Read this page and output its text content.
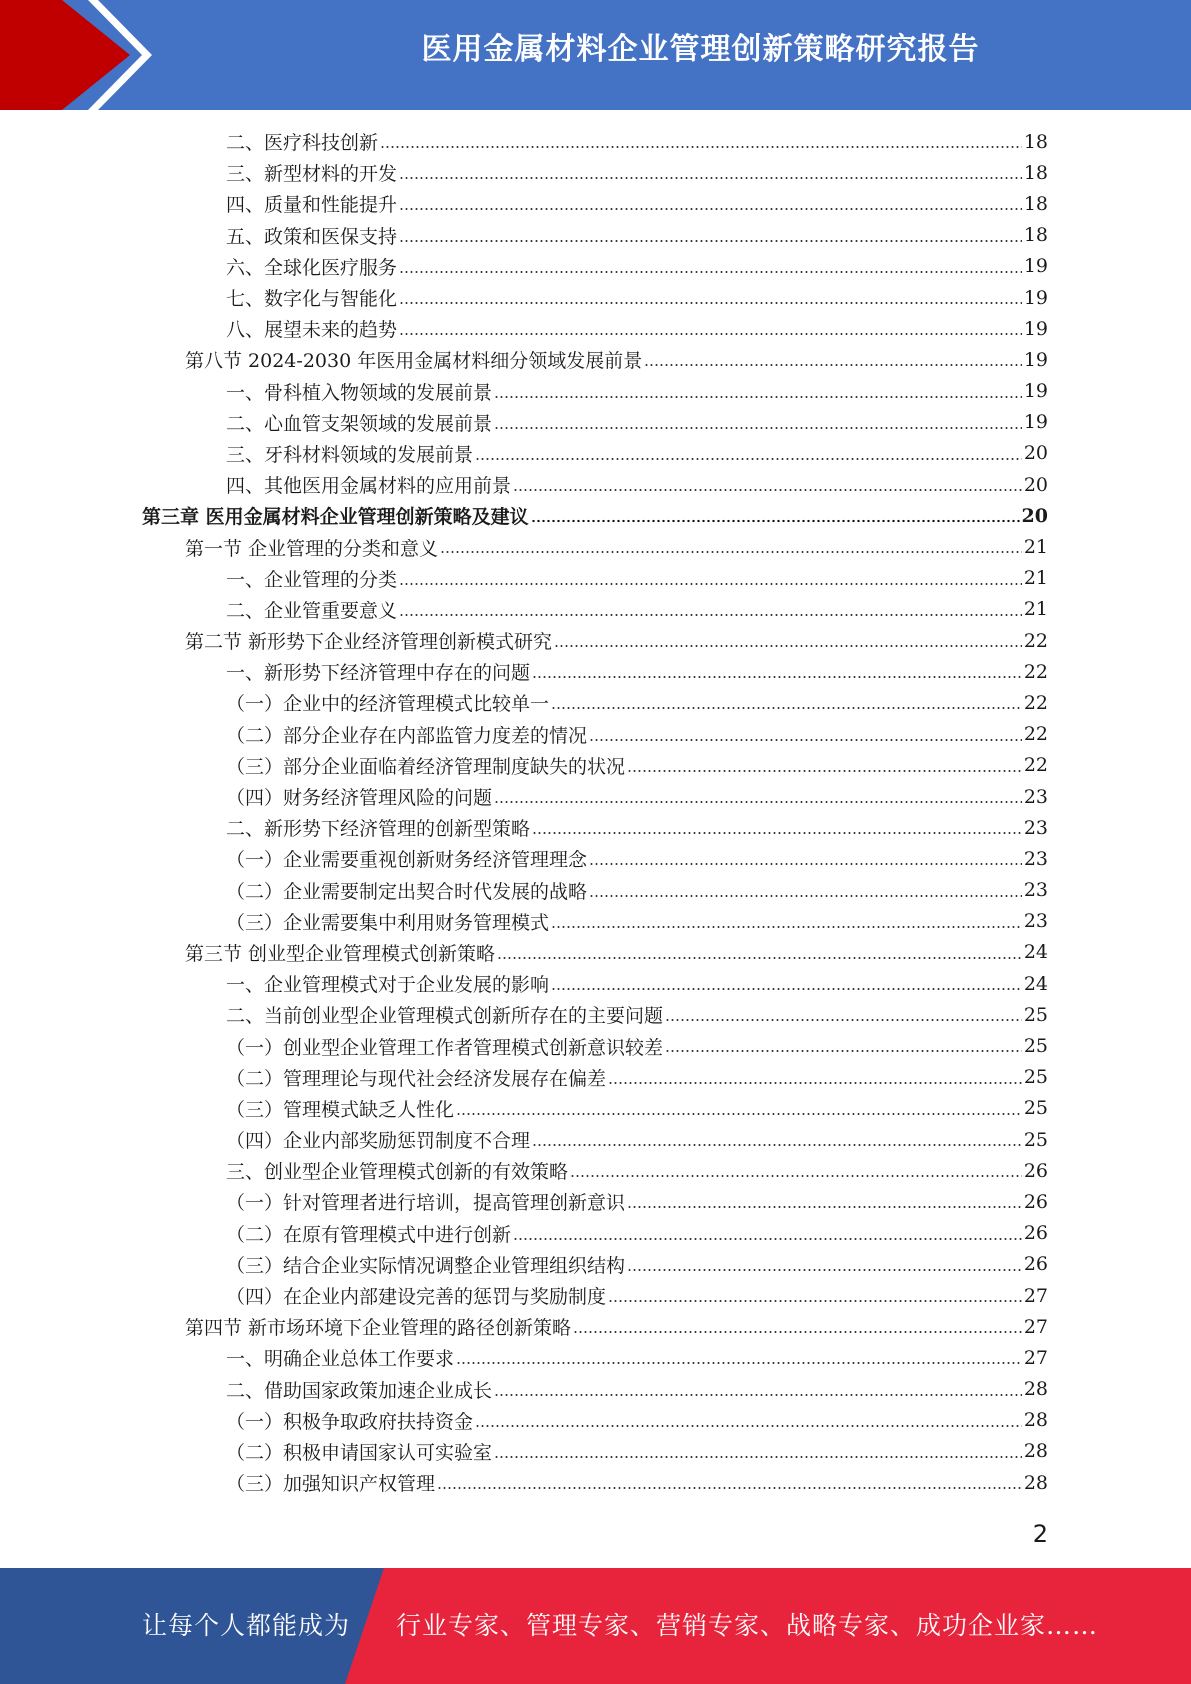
医用金属材料企业管理创新策略研究报告
二、医疗科技创新	18
三、新型材料的开发	18
四、质量和性能提升	18
五、政策和医保支持	18
六、全球化医疗服务	19
七、数字化与智能化	19
八、展望未来的趋势	19
第八节 2024-2030 年医用金属材料细分领域发展前景	19
一、骨科植入物领域的发展前景	19
二、心血管支架领域的发展前景	19
三、牙科材料领域的发展前景	20
四、其他医用金属材料的应用前景	20
第三章 医用金属材料企业管理创新策略及建议	20
第一节 企业管理的分类和意义	21
一、企业管理的分类	21
二、企业管重要意义	21
第二节 新形势下企业经济管理创新模式研究	22
一、新形势下经济管理中存在的问题	22
（一）企业中的经济管理模式比较单一	22
（二）部分企业存在内部监管力度差的情况	22
（三）部分企业面临着经济管理制度缺失的状况	22
（四）财务经济管理风险的问题	23
二、新形势下经济管理的创新型策略	23
（一）企业需要重视创新财务经济管理理念	23
（二）企业需要制定出契合时代发展的战略	23
（三）企业需要集中利用财务管理模式	23
第三节 创业型企业管理模式创新策略	24
一、企业管理模式对于企业发展的影响	24
二、当前创业型企业管理模式创新所存在的主要问题	25
（一）创业型企业管理工作者管理模式创新意识较差	25
（二）管理理论与现代社会经济发展存在偏差	25
（三）管理模式缺乏人性化	25
（四）企业内部奖励惩罚制度不合理	25
三、创业型企业管理模式创新的有效策略	26
（一）针对管理者进行培训，提高管理创新意识	26
（二）在原有管理模式中进行创新	26
（三）结合企业实际情况调整企业管理组织结构	26
（四）在企业内部建设完善的惩罚与奖励制度	27
第四节 新市场环境下企业管理的路径创新策略	27
一、明确企业总体工作要求	27
二、借助国家政策加速企业成长	28
（一）积极争取政府扶持资金	28
（二）积极申请国家认可实验室	28
（三）加强知识产权管理	28
2
让每个人都能成为 行业专家、管理专家、营销专家、战略专家、成功企业家……
